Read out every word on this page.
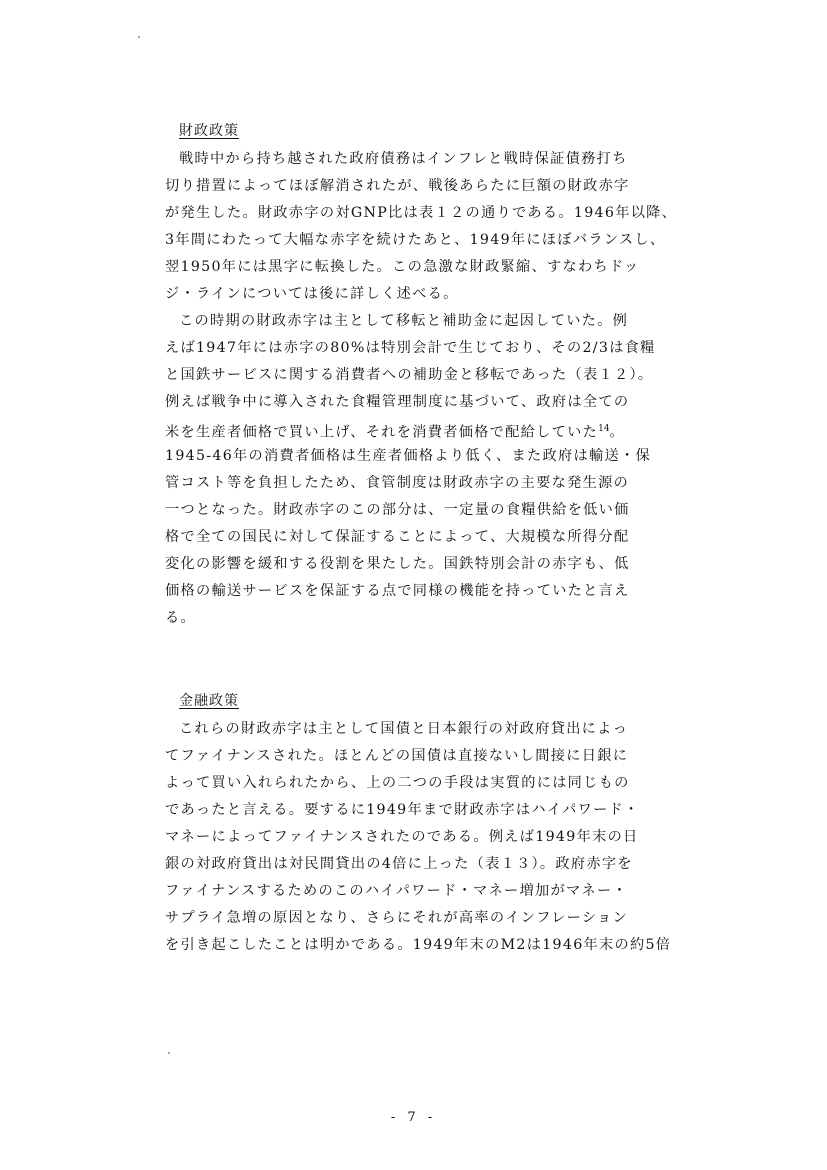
財政政策
戦時中から持ち越された政府債務はインフレと戦時保証債務打ち
切り措置によってほぼ解消されたが、戦後あらたに巨額の財政赤字
が発生した。財政赤字の対GNP比は表１２の通りである。1946年以降、
3年間にわたって大幅な赤字を続けたあと、1949年にほぼバランスし、
翌1950年には黒字に転換した。この急激な財政緊縮、すなわちドッ
ジ・ラインについては後に詳しく述べる。
この時期の財政赤字は主として移転と補助金に起因していた。例
えば1947年には赤字の80%は特別会計で生じており、その2/3は食糧
と国鉄サービスに関する消費者への補助金と移転であった（表１２）。
例えば戦争中に導入された食糧管理制度に基づいて、政府は全ての
米を生産者価格で買い上げ、それを消費者価格で配給していた$^{14}$。
1945-46年の消費者価格は生産者価格より低く、また政府は輸送・保
管コスト等を負担したため、食管制度は財政赤字の主要な発生源の
一つとなった。財政赤字のこの部分は、一定量の食糧供給を低い価
格で全ての国民に対して保証することによって、大規模な所得分配
変化の影響を緩和する役割を果たした。国鉄特別会計の赤字も、低
価格の輸送サービスを保証する点で同様の機能を持っていたと言え
る。
金融政策
これらの財政赤字は主として国債と日本銀行の対政府貸出によっ
てファイナンスされた。ほとんどの国債は直接ないし間接に日銀に
よって買い入れられたから、上の二つの手段は実質的には同じもの
であったと言える。要するに1949年まで財政赤字はハイパワード・
マネーによってファイナンスされたのである。例えば1949年末の日
銀の対政府貸出は対民間貸出の4倍に上った（表１３）。政府赤字を
ファイナンスするためのこのハイパワード・マネー増加がマネー・
サプライ急増の原因となり、さらにそれが高率のインフレーション
を引き起こしたことは明かである。1949年末のM2は1946年末の約5倍
- 7 -
